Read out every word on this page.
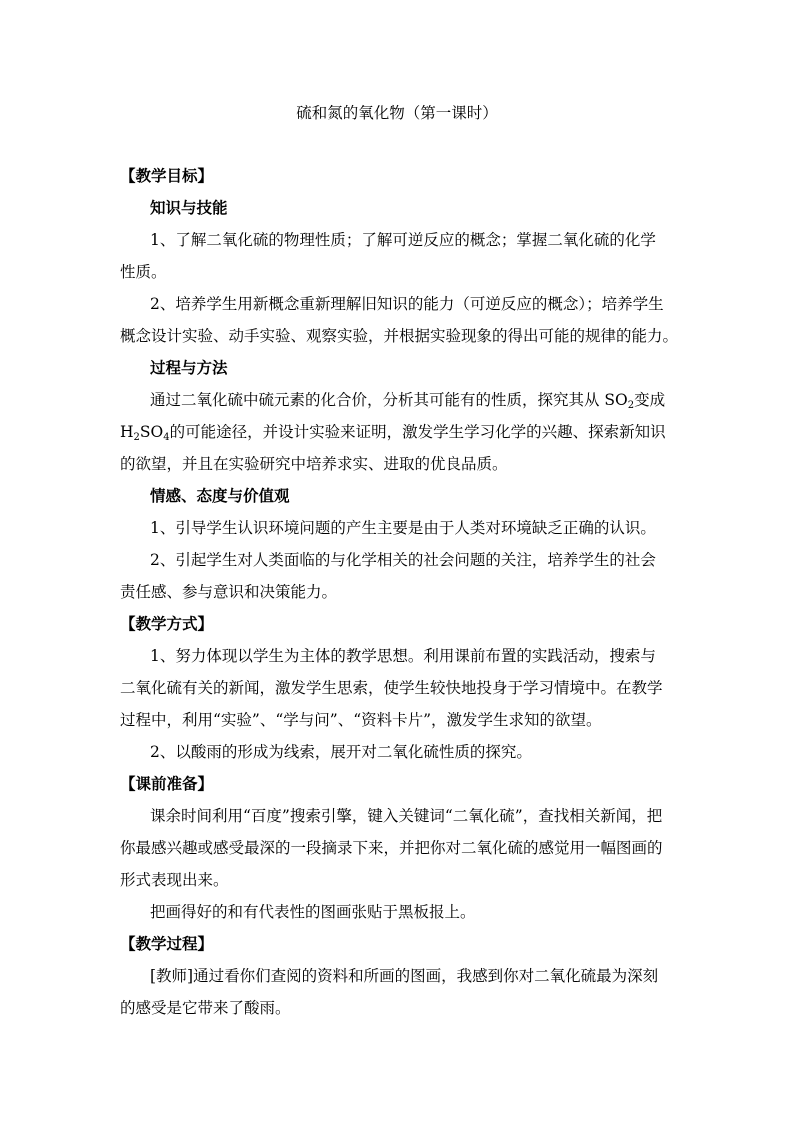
硫和氮的氧化物（第一课时）
【教学目标】
知识与技能
1、了解二氧化硫的物理性质；了解可逆反应的概念；掌握二氧化硫的化学
性质。
2、培养学生用新概念重新理解旧知识的能力（可逆反应的概念）；培养学生
概念设计实验、动手实验、观察实验，并根据实验现象的得出可能的规律的能力。
过程与方法
通过二氧化硫中硫元素的化合价，分析其可能有的性质，探究其从 $SO_2$变成
$H_2SO_4$的可能途径，并设计实验来证明，激发学生学习化学的兴趣、探索新知识
的欲望，并且在实验研究中培养求实、进取的优良品质。
情感、态度与价值观
1、引导学生认识环境问题的产生主要是由于人类对环境缺乏正确的认识。
2、引起学生对人类面临的与化学相关的社会问题的关注，培养学生的社会
责任感、参与意识和决策能力。
【教学方式】
1、努力体现以学生为主体的教学思想。利用课前布置的实践活动，搜索与
二氧化硫有关的新闻，激发学生思索，使学生较快地投身于学习情境中。在教学
过程中，利用“实验”、“学与问”、“资料卡片”，激发学生求知的欲望。
2、以酸雨的形成为线索，展开对二氧化硫性质的探究。
【课前准备】
课余时间利用“百度”搜索引擎，键入关键词“二氧化硫”，查找相关新闻，把
你最感兴趣或感受最深的一段摘录下来，并把你对二氧化硫的感觉用一幅图画的
形式表现出来。
把画得好的和有代表性的图画张贴于黑板报上。
【教学过程】
[教师]通过看你们查阅的资料和所画的图画，我感到你对二氧化硫最为深刻
的感受是它带来了酸雨。
